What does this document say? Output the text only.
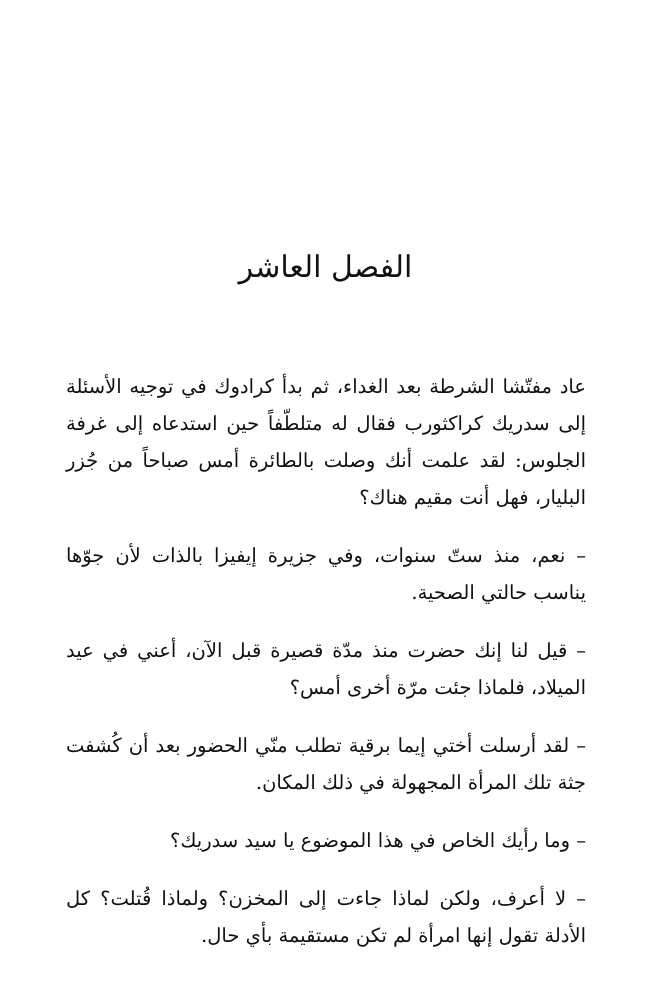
الفصل العاشر

عاد مفتّشا الشرطة بعد الغداء، ثم بدأ كرادوك في توجيه الأسئلة إلى سدريك كراكثورب فقال له متلطّفاً حين استدعاه إلى غرفة الجلوس: لقد علمت أنك وصلت بالطائرة أمس صباحاً من جُزر البليار، فهل أنت مقيم هناك؟

– نعم، منذ ستّ سنوات، وفي جزيرة إيفيزا بالذات لأن جوّها يناسب حالتي الصحية.

– قيل لنا إنك حضرت منذ مدّة قصيرة قبل الآن، أعني في عيد الميلاد، فلماذا جئت مرّة أخرى أمس؟

– لقد أرسلت أختي إيما برقية تطلب منّي الحضور بعد أن كُشفت جثة تلك المرأة المجهولة في ذلك المكان.

– وما رأيك الخاص في هذا الموضوع يا سيد سدريك؟

– لا أعرف، ولكن لماذا جاءت إلى المخزن؟ ولماذا قُتلت؟ كل الأدلة تقول إنها امرأة لم تكن مستقيمة بأي حال.
